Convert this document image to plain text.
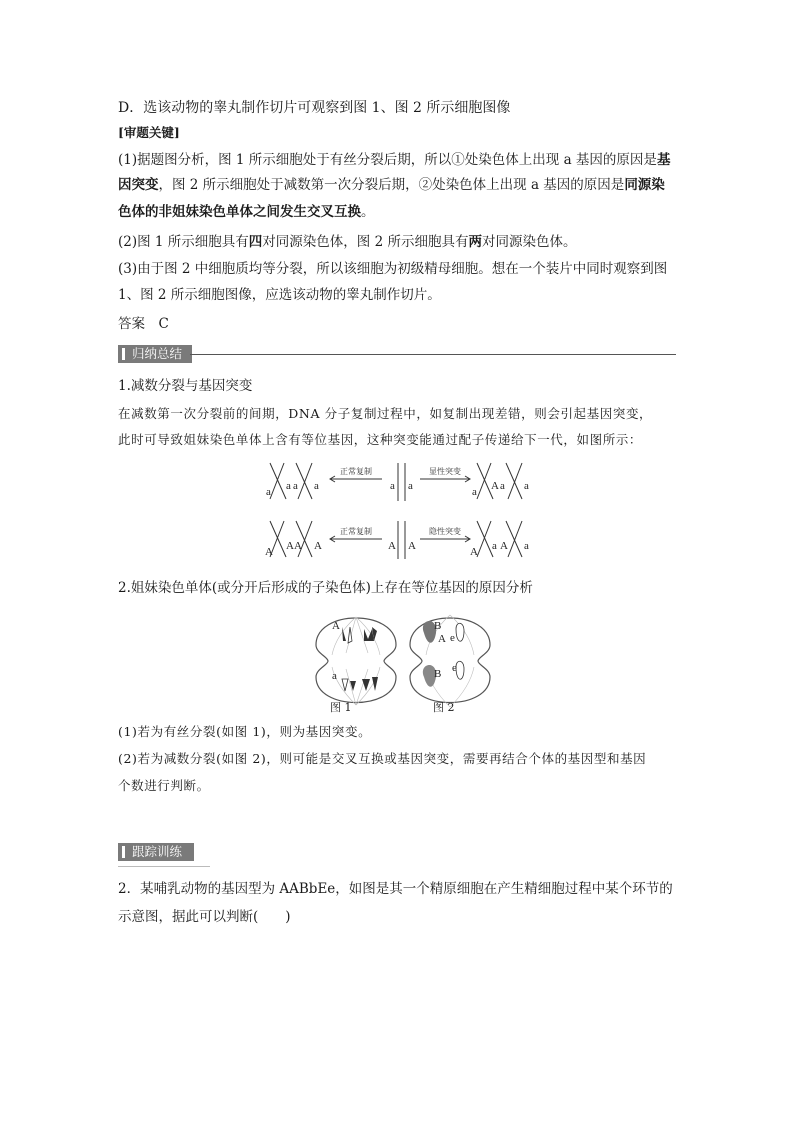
D．选该动物的睾丸制作切片可观察到图 1、图 2 所示细胞图像
[审题关键]
(1)据题图分析，图 1 所示细胞处于有丝分裂后期，所以①处染色体上出现 a 基因的原因是基
因突变，图 2 所示细胞处于减数第一次分裂后期，②处染色体上出现 a 基因的原因是同源染
色体的非姐妹染色单体之间发生交叉互换。
(2)图 1 所示细胞具有四对同源染色体，图 2 所示细胞具有两对同源染色体。
(3)由于图 2 中细胞质均等分裂，所以该细胞为初级精母细胞。想在一个装片中同时观察到图
1、图 2 所示细胞图像，应选该动物的睾丸制作切片。
答案　C
归纳总结
1.减数分裂与基因突变
在减数第一次分裂前的间期，DNA 分子复制过程中，如复制出现差错，则会引起基因突变，
此时可导致姐妹染色单体上含有等位基因，这种突变能通过配子传递给下一代，如图所示：
正常复制	显性突变
正常复制	隐性突变
a a a a	a a	a A a a
A A A A	A A	A a A a
2.姐妹染色单体(或分开后形成的子染色体)上存在等位基因的原因分析
A
a
B
A e
e
B
图 1	图 2
(1)若为有丝分裂(如图 1)，则为基因突变。
(2)若为减数分裂(如图 2)，则可能是交叉互换或基因突变，需要再结合个体的基因型和基因
个数进行判断。
跟踪训练
2．某哺乳动物的基因型为 AABbEe，如图是其一个精原细胞在产生精细胞过程中某个环节的
示意图，据此可以判断(　　)
